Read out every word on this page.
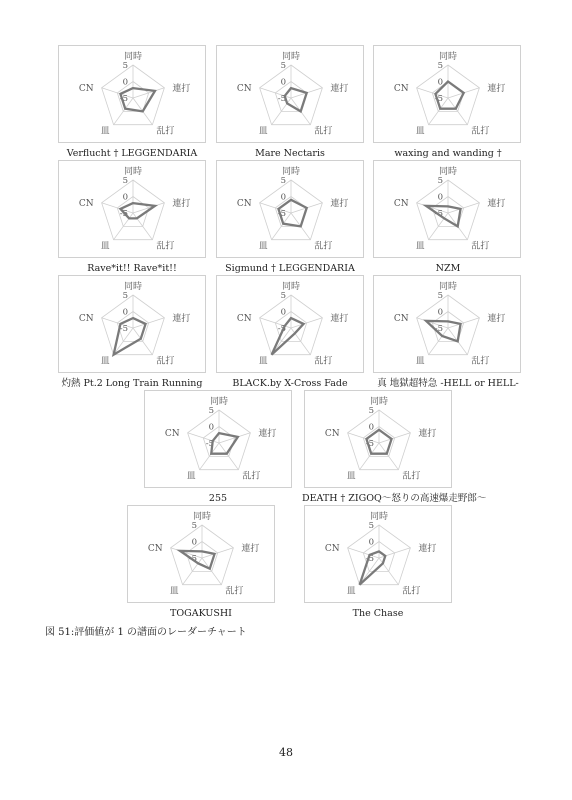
同時
連打
乱打
皿
CN
5
0
-5
Verflucht † LEGGENDARIA
同時
連打
乱打
皿
CN
5
0
-5
Mare Nectaris
同時
連打
乱打
皿
CN
5
0
-5
waxing and wanding †
同時
連打
乱打
皿
CN
5
0
-5
Rave*it!! Rave*it!!
同時
連打
乱打
皿
CN
5
0
-5
Sigmund † LEGGENDARIA
同時
連打
乱打
皿
CN
5
0
-5
NZM
同時
連打
乱打
皿
CN
5
0
-5
灼熱 Pt.2 Long Train Running
同時
連打
乱打
皿
CN
5
0
-5
BLACK.by X-Cross Fade
同時
連打
乱打
皿
CN
5
0
-5
真 地獄超特急 -HELL or HELL-
同時
連打
乱打
皿
CN
5
0
-5
255
同時
連打
乱打
皿
CN
5
0
-5
DEATH † ZIGOQ～怒りの高速爆走野郎～
同時
連打
乱打
皿
CN
5
0
-5
TOGAKUSHI
同時
連打
乱打
皿
CN
5
0
-5
The Chase
図 51:評価値が 1 の譜面のレーダーチャート
48
